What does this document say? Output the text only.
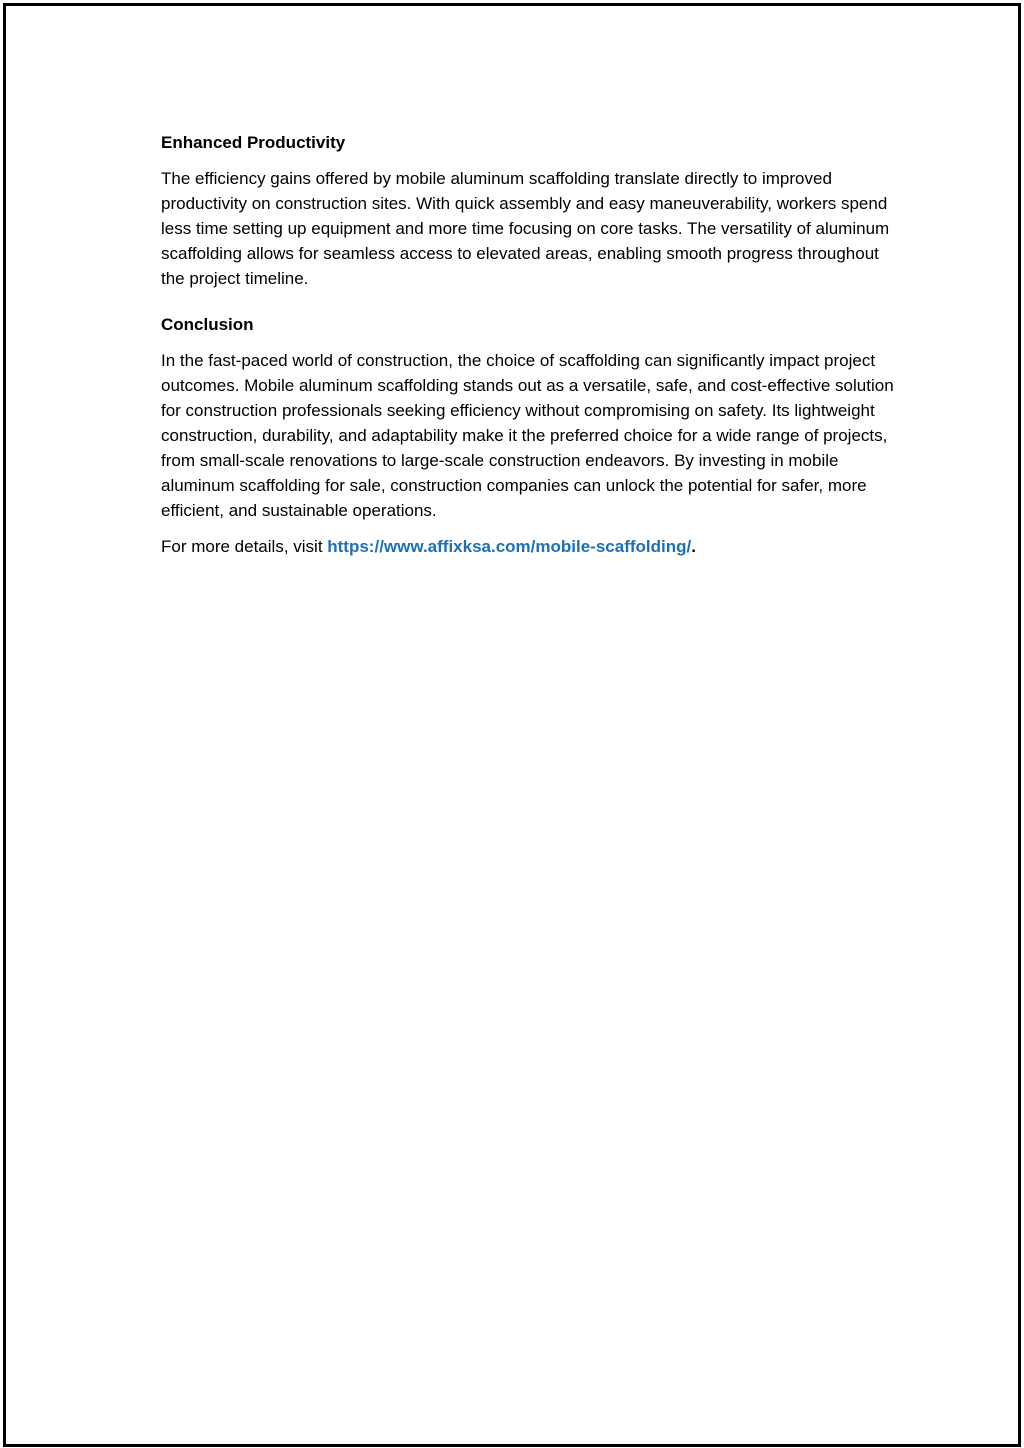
Enhanced Productivity

The efficiency gains offered by mobile aluminum scaffolding translate directly to improved productivity on construction sites. With quick assembly and easy maneuverability, workers spend less time setting up equipment and more time focusing on core tasks. The versatility of aluminum scaffolding allows for seamless access to elevated areas, enabling smooth progress throughout the project timeline.

Conclusion

In the fast-paced world of construction, the choice of scaffolding can significantly impact project outcomes. Mobile aluminum scaffolding stands out as a versatile, safe, and cost-effective solution for construction professionals seeking efficiency without compromising on safety. Its lightweight construction, durability, and adaptability make it the preferred choice for a wide range of projects, from small-scale renovations to large-scale construction endeavors. By investing in mobile aluminum scaffolding for sale, construction companies can unlock the potential for safer, more efficient, and sustainable operations.

For more details, visit https://www.affixksa.com/mobile-scaffolding/.
